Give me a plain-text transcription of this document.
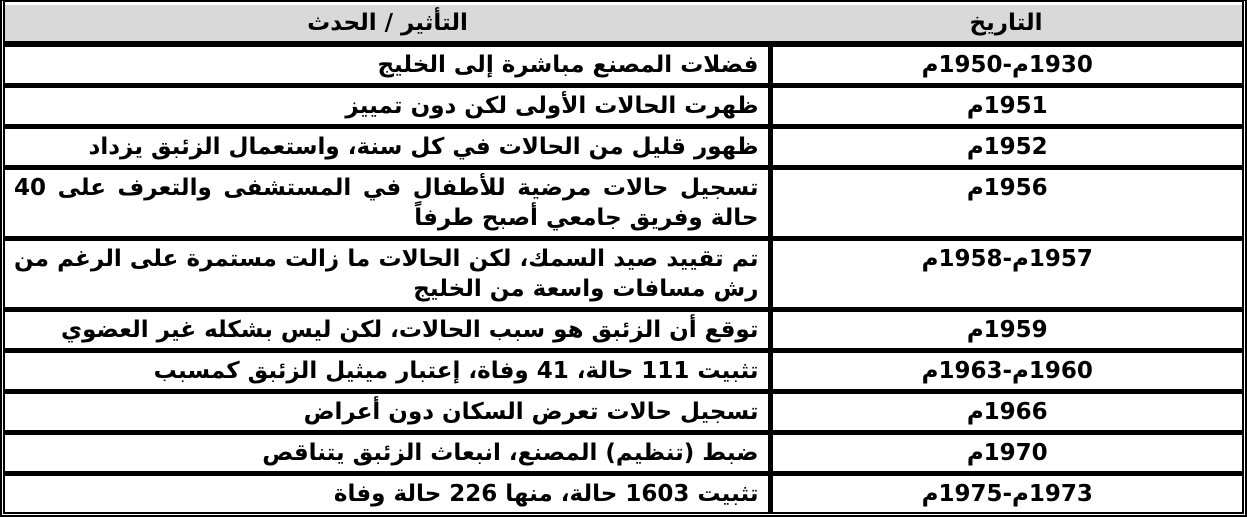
التاريخ	التأثير / الحدث
1930م-1950م	فضلات المصنع مباشرة إلى الخليج
1951م	ظهرت الحالات الأولى لكن دون تمييز
1952م	ظهور قليل من الحالات في كل سنة، واستعمال الزئبق يزداد
1956م	تسجيل حالات مرضية للأطفال في المستشفى والتعرف على 40 حالة وفريق جامعي أصبح طرفاً
1957م-1958م	تم تقييد صيد السمك، لكن الحالات ما زالت مستمرة على الرغم من رش مسافات واسعة من الخليج
1959م	توقع أن الزئبق هو سبب الحالات، لكن ليس بشكله غير العضوي
1960م-1963م	تثبيت 111 حالة، 41 وفاة، إعتبار ميثيل الزئبق كمسبب
1966م	تسجيل حالات تعرض السكان دون أعراض
1970م	ضبط (تنظيم) المصنع، انبعاث الزئبق يتناقص
1973م-1975م	تثبيت 1603 حالة، منها 226 حالة وفاة
